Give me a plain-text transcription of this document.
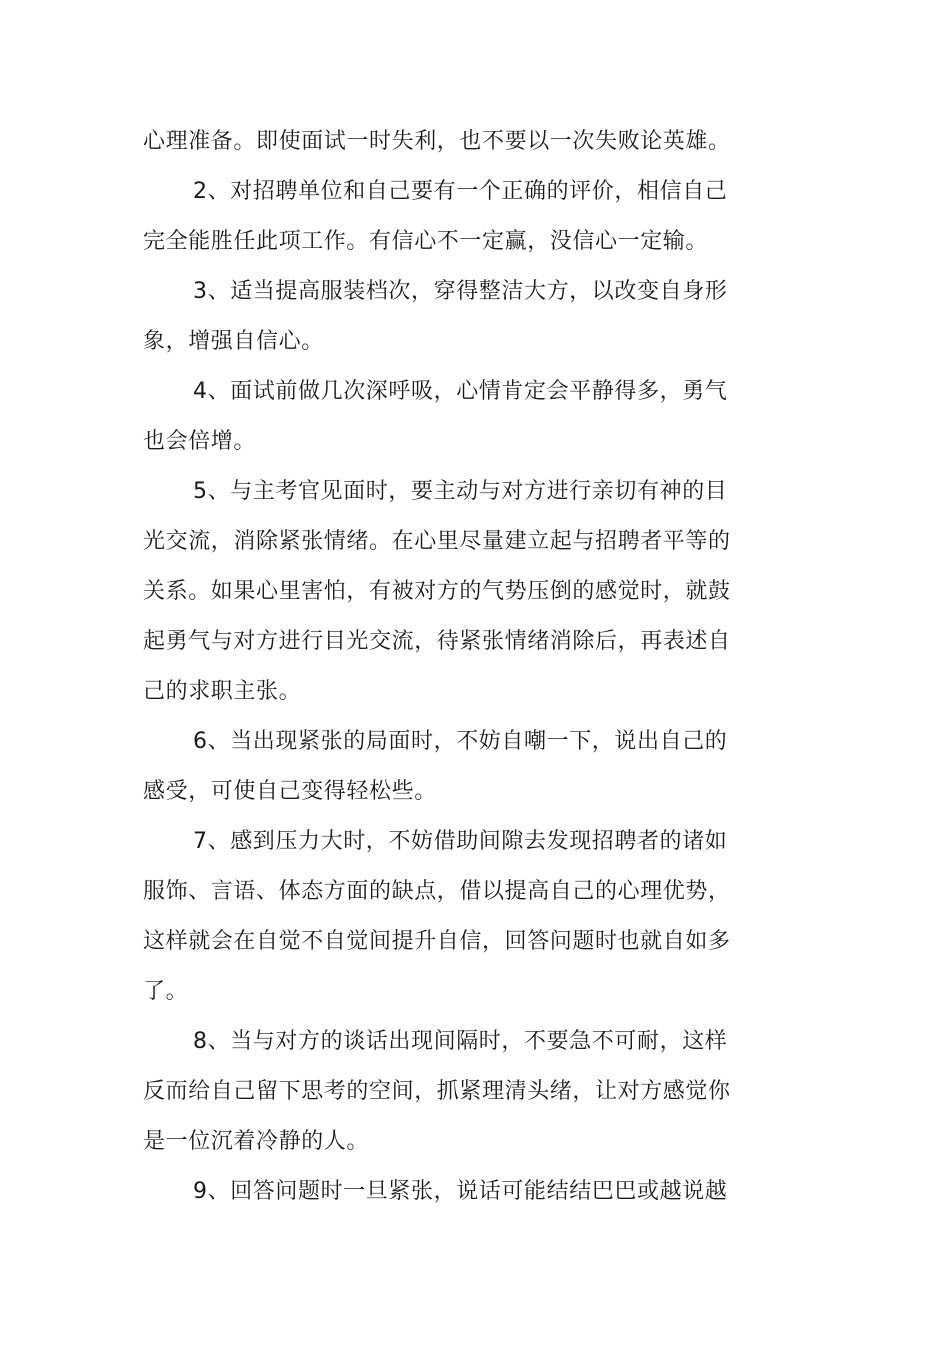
心理准备。即使面试一时失利，也不要以一次失败论英雄。
2、对招聘单位和自己要有一个正确的评价，相信自己
完全能胜任此项工作。有信心不一定赢，没信心一定输。
3、适当提高服装档次，穿得整洁大方，以改变自身形
象，增强自信心。
4、面试前做几次深呼吸，心情肯定会平静得多，勇气
也会倍增。
5、与主考官见面时，要主动与对方进行亲切有神的目
光交流，消除紧张情绪。在心里尽量建立起与招聘者平等的
关系。如果心里害怕，有被对方的气势压倒的感觉时，就鼓
起勇气与对方进行目光交流，待紧张情绪消除后，再表述自
己的求职主张。
6、当出现紧张的局面时，不妨自嘲一下，说出自己的
感受，可使自己变得轻松些。
7、感到压力大时，不妨借助间隙去发现招聘者的诸如
服饰、言语、体态方面的缺点，借以提高自己的心理优势，
这样就会在自觉不自觉间提升自信，回答问题时也就自如多
了。
8、当与对方的谈话出现间隔时，不要急不可耐，这样
反而给自己留下思考的空间，抓紧理清头绪，让对方感觉你
是一位沉着冷静的人。
9、回答问题时一旦紧张，说话可能结结巴巴或越说越
